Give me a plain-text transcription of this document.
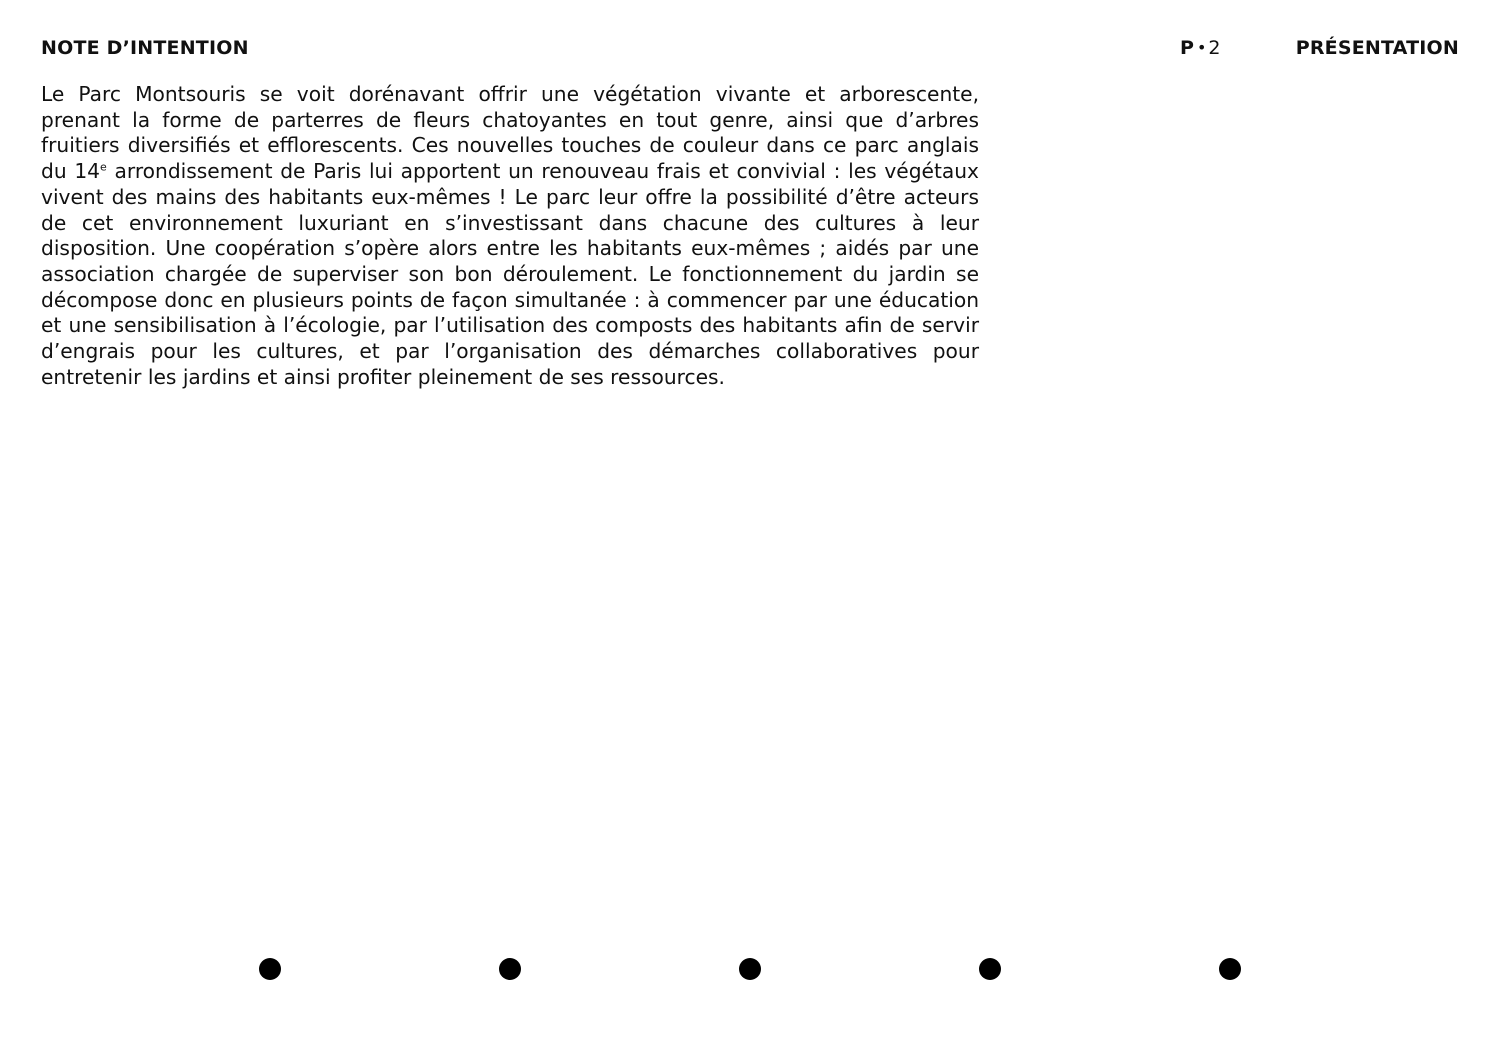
NOTE D’INTENTION	P • 2	PRÉSENTATION

Le Parc Montsouris se voit dorénavant offrir une végétation vivante et arborescente, prenant la forme de parterres de fleurs chatoyantes en tout genre, ainsi que d’arbres fruitiers diversifiés et efflorescents. Ces nouvelles touches de couleur dans ce parc anglais du 14e arrondissement de Paris lui apportent un renouveau frais et convivial : les végétaux vivent des mains des habitants eux-mêmes ! Le parc leur offre la possibilité d’être acteurs de cet environnement luxuriant en s’investissant dans chacune des cultures à leur disposition. Une coopération s’opère alors entre les habitants eux-mêmes ; aidés par une association chargée de superviser son bon déroulement. Le fonctionnement du jardin se décompose donc en plusieurs points de façon simultanée : à commencer par une éducation et une sensibilisation à l’écologie, par l’utilisation des composts des habitants afin de servir d’engrais pour les cultures, et par l’organisation des démarches collaboratives pour entretenir les jardins et ainsi profiter pleinement de ses ressources.
